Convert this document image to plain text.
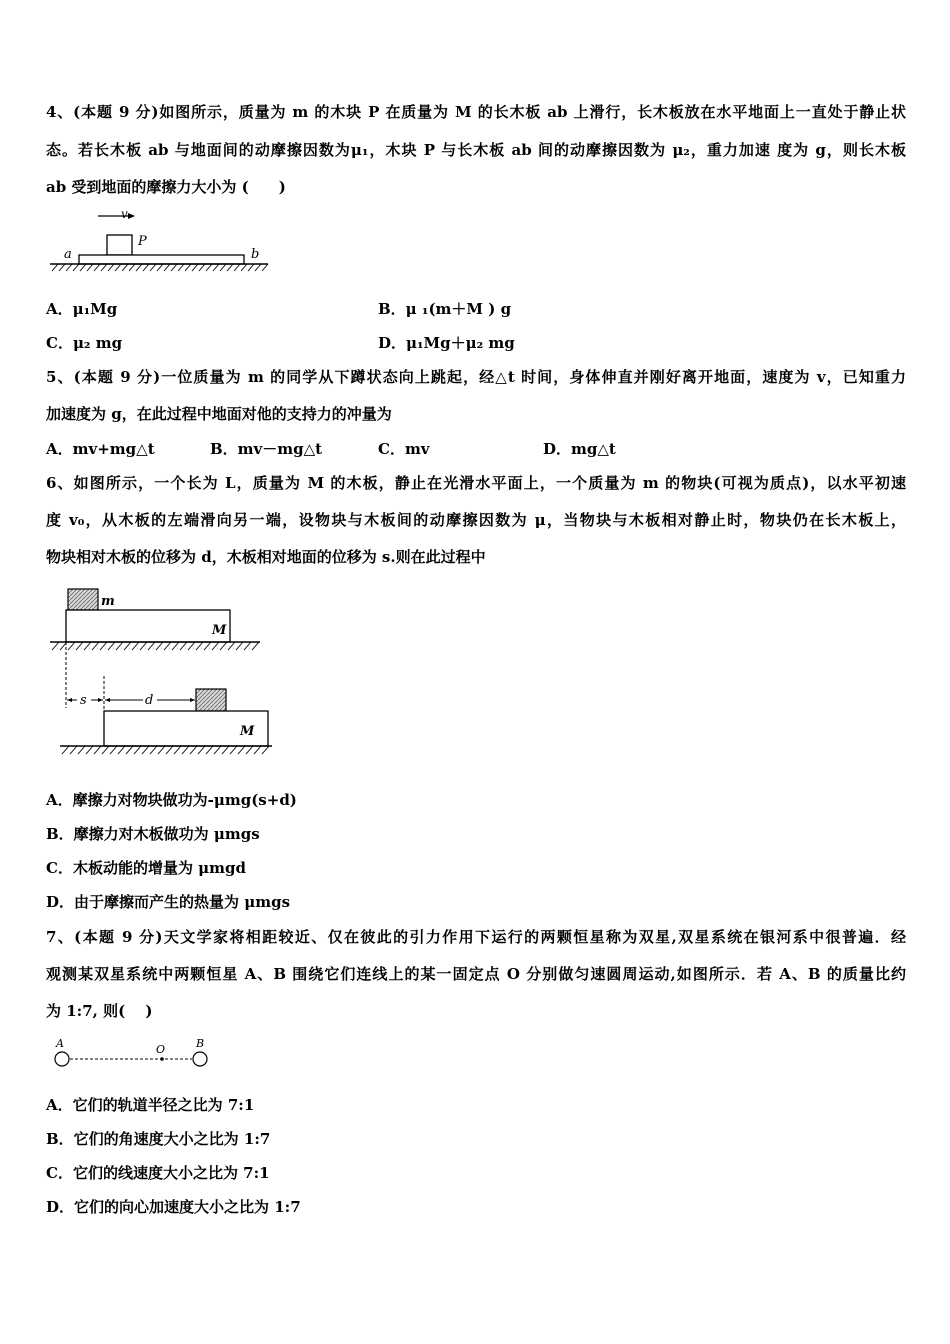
4、(本题 9 分)如图所示，质量为 m 的木块 P 在质量为 M 的长木板 ab 上滑行，长木板放在水平地面上一直处于静止状
态。若长木板 ab 与地面间的动摩擦因数为μ₁，木块 P 与长木板 ab 间的动摩擦因数为 μ₂，重力加速 度为 g，则长木板
ab 受到地面的摩擦力大小为 (　　)
v
P
a	b
A．μ₁Mg	B．μ ₁(m＋M ) g
C．μ₂ mg	D．μ₁Mg＋μ₂ mg
5、(本题 9 分)一位质量为 m 的同学从下蹲状态向上跳起，经△t 时间，身体伸直并刚好离开地面，速度为 v，已知重力
加速度为 g，在此过程中地面对他的支持力的冲量为
A．mv+mg△t	B．mv－mg△t	C．mv	D．mg△t
6、如图所示，一个长为 L，质量为 M 的木板，静止在光滑水平面上，一个质量为 m 的物块(可视为质点)，以水平初速
度 v₀，从木板的左端滑向另一端，设物块与木板间的动摩擦因数为 μ，当物块与木板相对静止时，物块仍在长木板上，
物块相对木板的位移为 d，木板相对地面的位移为 s.则在此过程中
m
M
s	d
M
A．摩擦力对物块做功为-μmg(s+d)
B．摩擦力对木板做功为 μmgs
C．木板动能的增量为 μmgd
D．由于摩擦而产生的热量为 μmgs
7、(本题 9 分)天文学家将相距较近、仅在彼此的引力作用下运行的两颗恒星称为双星,双星系统在银河系中很普遍．经
观测某双星系统中两颗恒星 A、B 围绕它们连线上的某一固定点 O 分别做匀速圆周运动,如图所示．若 A、B 的质量比约
为 1:7, 则(　 )
A	O	B
A．它们的轨道半径之比为 7:1
B．它们的角速度大小之比为 1:7
C．它们的线速度大小之比为 7:1
D．它们的向心加速度大小之比为 1:7
